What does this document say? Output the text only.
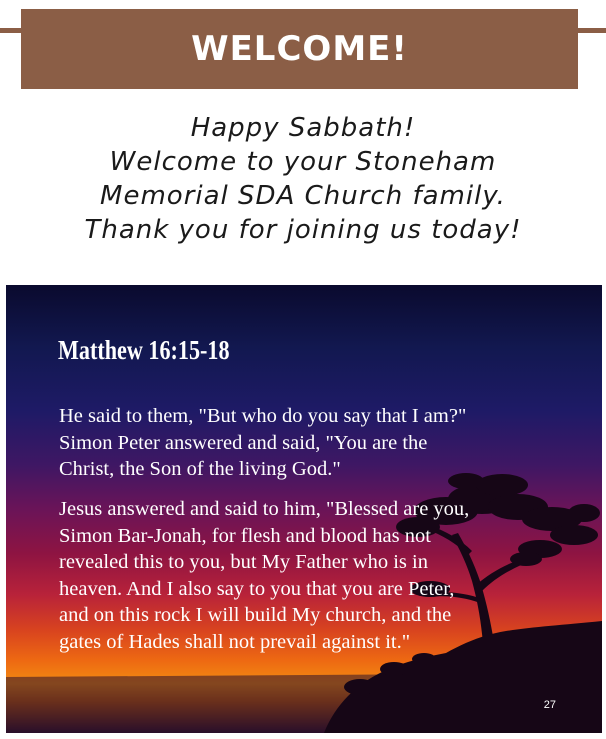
WELCOME!
Happy Sabbath!
Welcome to your Stoneham
Memorial SDA Church family.
Thank you for joining us today!
Matthew 16:15-18
He said to them, "But who do you say that I am?"
Simon Peter answered and said, "You are the
Christ, the Son of the living God."
Jesus answered and said to him, "Blessed are you,
Simon Bar-Jonah, for flesh and blood has not
revealed this to you, but My Father who is in
heaven. And I also say to you that you are Peter,
and on this rock I will build My church, and the
gates of Hades shall not prevail against it."
27
